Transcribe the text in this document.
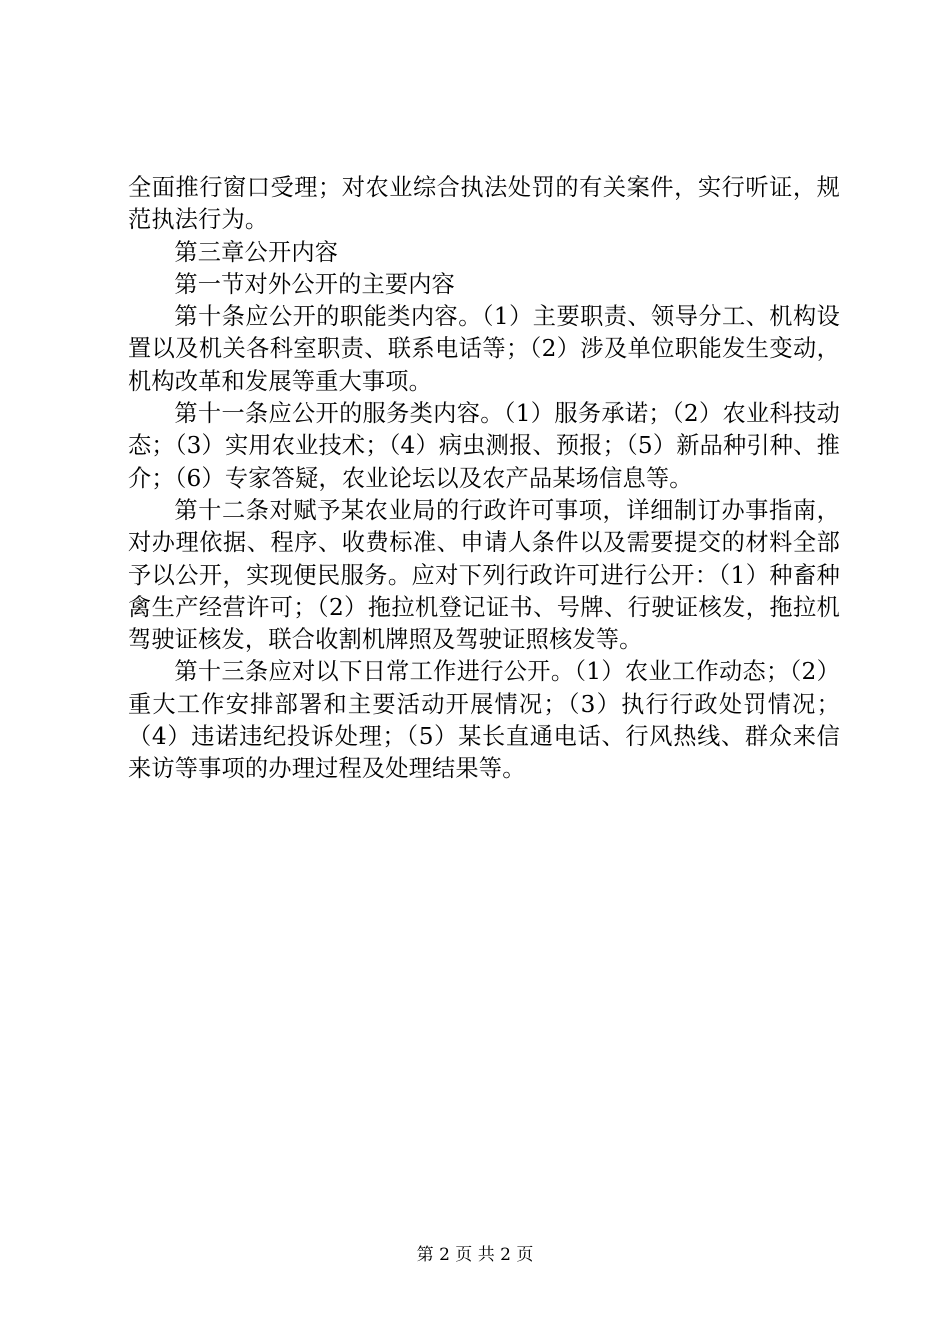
全面推行窗口受理；对农业综合执法处罚的有关案件，实行听证，规范执法行为。

第三章公开内容

第一节对外公开的主要内容

第十条应公开的职能类内容。（1）主要职责、领导分工、机构设置以及机关各科室职责、联系电话等；（2）涉及单位职能发生变动，机构改革和发展等重大事项。

第十一条应公开的服务类内容。（1）服务承诺；（2）农业科技动态；（3）实用农业技术；（4）病虫测报、预报；（5）新品种引种、推介；（6）专家答疑，农业论坛以及农产品某场信息等。

第十二条对赋予某农业局的行政许可事项，详细制订办事指南，对办理依据、程序、收费标准、申请人条件以及需要提交的材料全部予以公开，实现便民服务。应对下列行政许可进行公开：（1）种畜种禽生产经营许可；（2）拖拉机登记证书、号牌、行驶证核发，拖拉机驾驶证核发，联合收割机牌照及驾驶证照核发等。

第十三条应对以下日常工作进行公开。（1）农业工作动态；（2）重大工作安排部署和主要活动开展情况；（3）执行行政处罚情况；（4）违诺违纪投诉处理；（5）某长直通电话、行风热线、群众来信来访等事项的办理过程及处理结果等。

第 2 页 共 2 页
